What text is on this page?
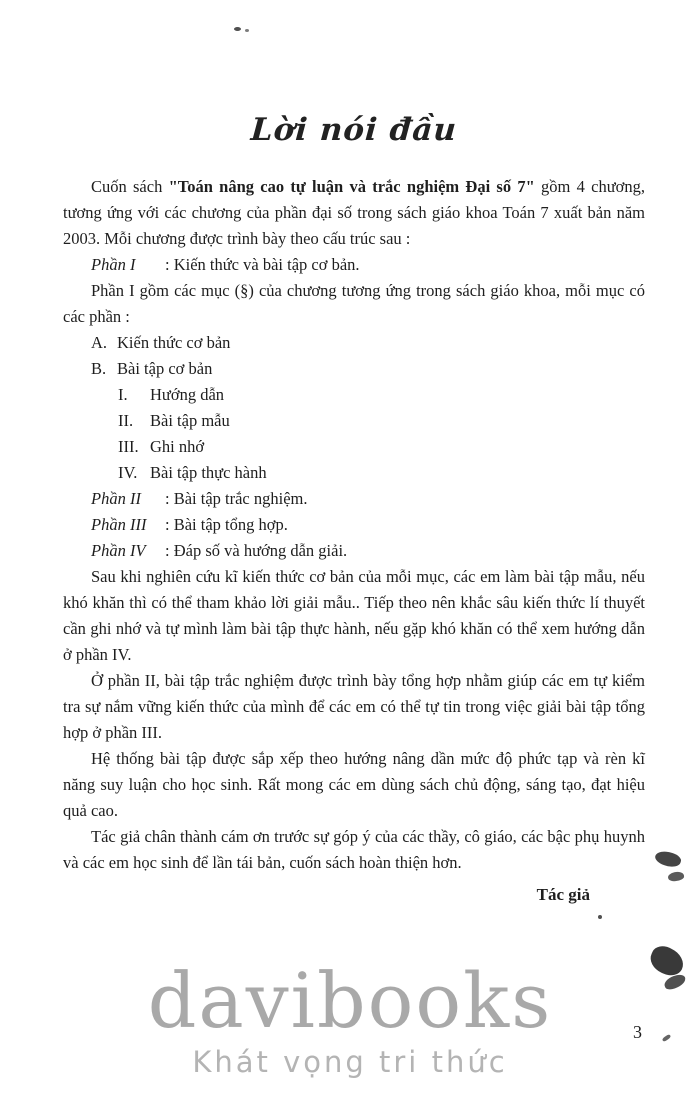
Lời nói đầu

Cuốn sách "Toán nâng cao tự luận và trắc nghiệm Đại số 7" gồm 4 chương, tương ứng với các chương của phần đại số trong sách giáo khoa Toán 7 xuất bản năm 2003. Mỗi chương được trình bày theo cấu trúc sau :

Phần I : Kiến thức và bài tập cơ bản.

Phần I gồm các mục (§) của chương tương ứng trong sách giáo khoa, mỗi mục có các phần :

A. Kiến thức cơ bản
B. Bài tập cơ bản
I. Hướng dẫn
II. Bài tập mẫu
III. Ghi nhớ
IV. Bài tập thực hành

Phần II : Bài tập trắc nghiệm.

Phần III : Bài tập tổng hợp.

Phần IV : Đáp số và hướng dẫn giải.

Sau khi nghiên cứu kĩ kiến thức cơ bản của mỗi mục, các em làm bài tập mẫu, nếu khó khăn thì có thể tham khảo lời giải mẫu.. Tiếp theo nên khắc sâu kiến thức lí thuyết cần ghi nhớ và tự mình làm bài tập thực hành, nếu gặp khó khăn có thể xem hướng dẫn ở phần IV.

Ở phần II, bài tập trắc nghiệm được trình bày tổng hợp nhằm giúp các em tự kiểm tra sự nắm vững kiến thức của mình để các em có thể tự tin trong việc giải bài tập tổng hợp ở phần III.

Hệ thống bài tập được sắp xếp theo hướng nâng dần mức độ phức tạp và rèn kĩ năng suy luận cho học sinh. Rất mong các em dùng sách chủ động, sáng tạo, đạt hiệu quả cao.

Tác giả chân thành cám ơn trước sự góp ý của các thầy, cô giáo, các bậc phụ huynh và các em học sinh để lần tái bản, cuốn sách hoàn thiện hơn.

Tác giả

davibooks
Khát vọng tri thức
3
